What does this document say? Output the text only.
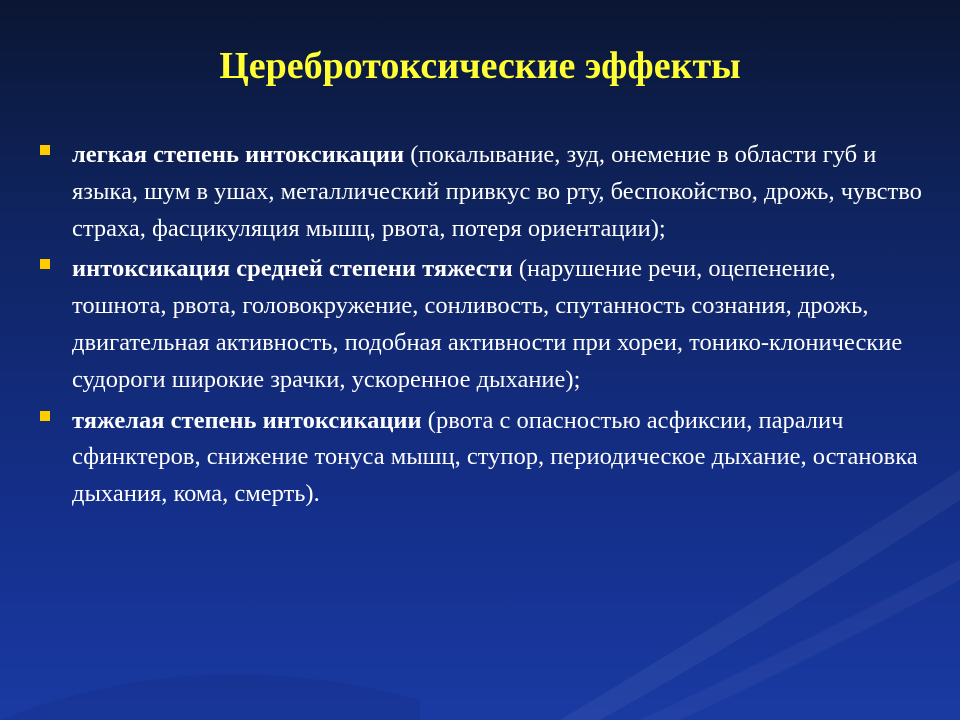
Церебротоксические эффекты
легкая степень интоксикации (покалывание, зуд, онемение в области губ и языка, шум в ушах, металлический привкус во рту, беспокойство, дрожь, чувство страха, фасцикуляция мышц, рвота, потеря ориентации);
интоксикация средней степени тяжести (нарушение речи, оцепенение, тошнота, рвота, головокружение, сонливость, спутанность сознания, дрожь, двигательная активность, подобная активности при хореи, тонико-клонические судороги широкие зрачки, ускоренное дыхание);
тяжелая степень интоксикации (рвота с опасностью асфиксии, паралич сфинктеров, снижение тонуса мышц, ступор, периодическое дыхание, остановка дыхания, кома, смерть).
